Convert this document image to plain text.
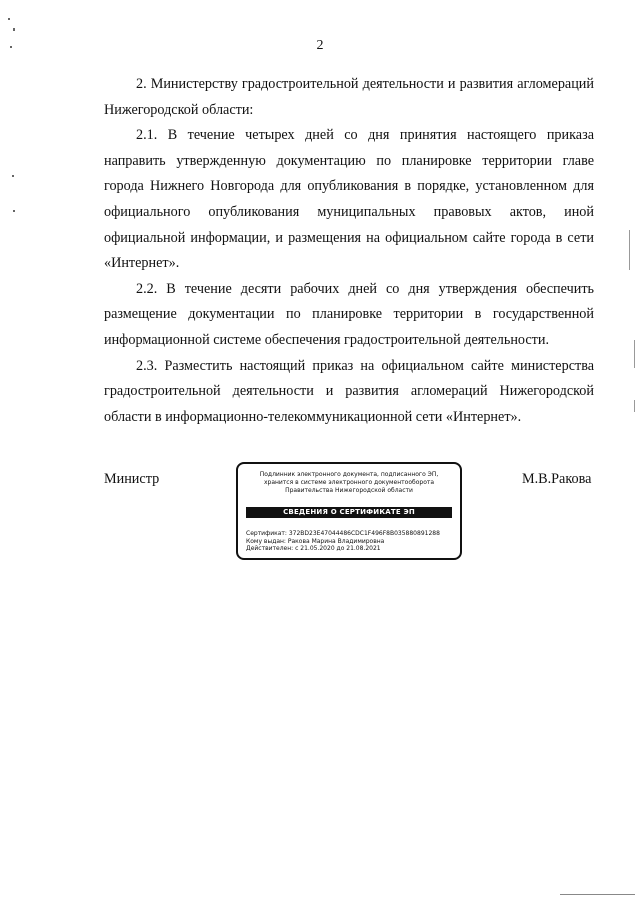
2

2. Министерству градостроительной деятельности и развития агломераций Нижегородской области:

2.1. В течение четырех дней со дня принятия настоящего приказа направить утвержденную документацию по планировке территории главе города Нижнего Новгорода для опубликования в порядке, установленном для официального опубликования муниципальных правовых актов, иной официальной информации, и размещения на официальном сайте города в сети «Интернет».

2.2. В течение десяти рабочих дней со дня утверждения обеспечить размещение документации по планировке территории в государственной информационной системе обеспечения градостроительной деятельности.

2.3. Разместить настоящий приказ на официальном сайте министерства градостроительной деятельности и развития агломераций Нижегородской области в информационно-телекоммуникационной сети «Интернет».

Министр	М.В.Ракова
Подлинник электронного документа, подписанного ЭП,
хранится в системе электронного документооборота
Правительства Нижегородской области
СВЕДЕНИЯ О СЕРТИФИКАТЕ ЭП
Сертификат: 372BD23E47044486CDC1F496F8B035880891288
Кому выдан: Ракова Марина Владимировна
Действителен: с 21.05.2020 до 21.08.2021
